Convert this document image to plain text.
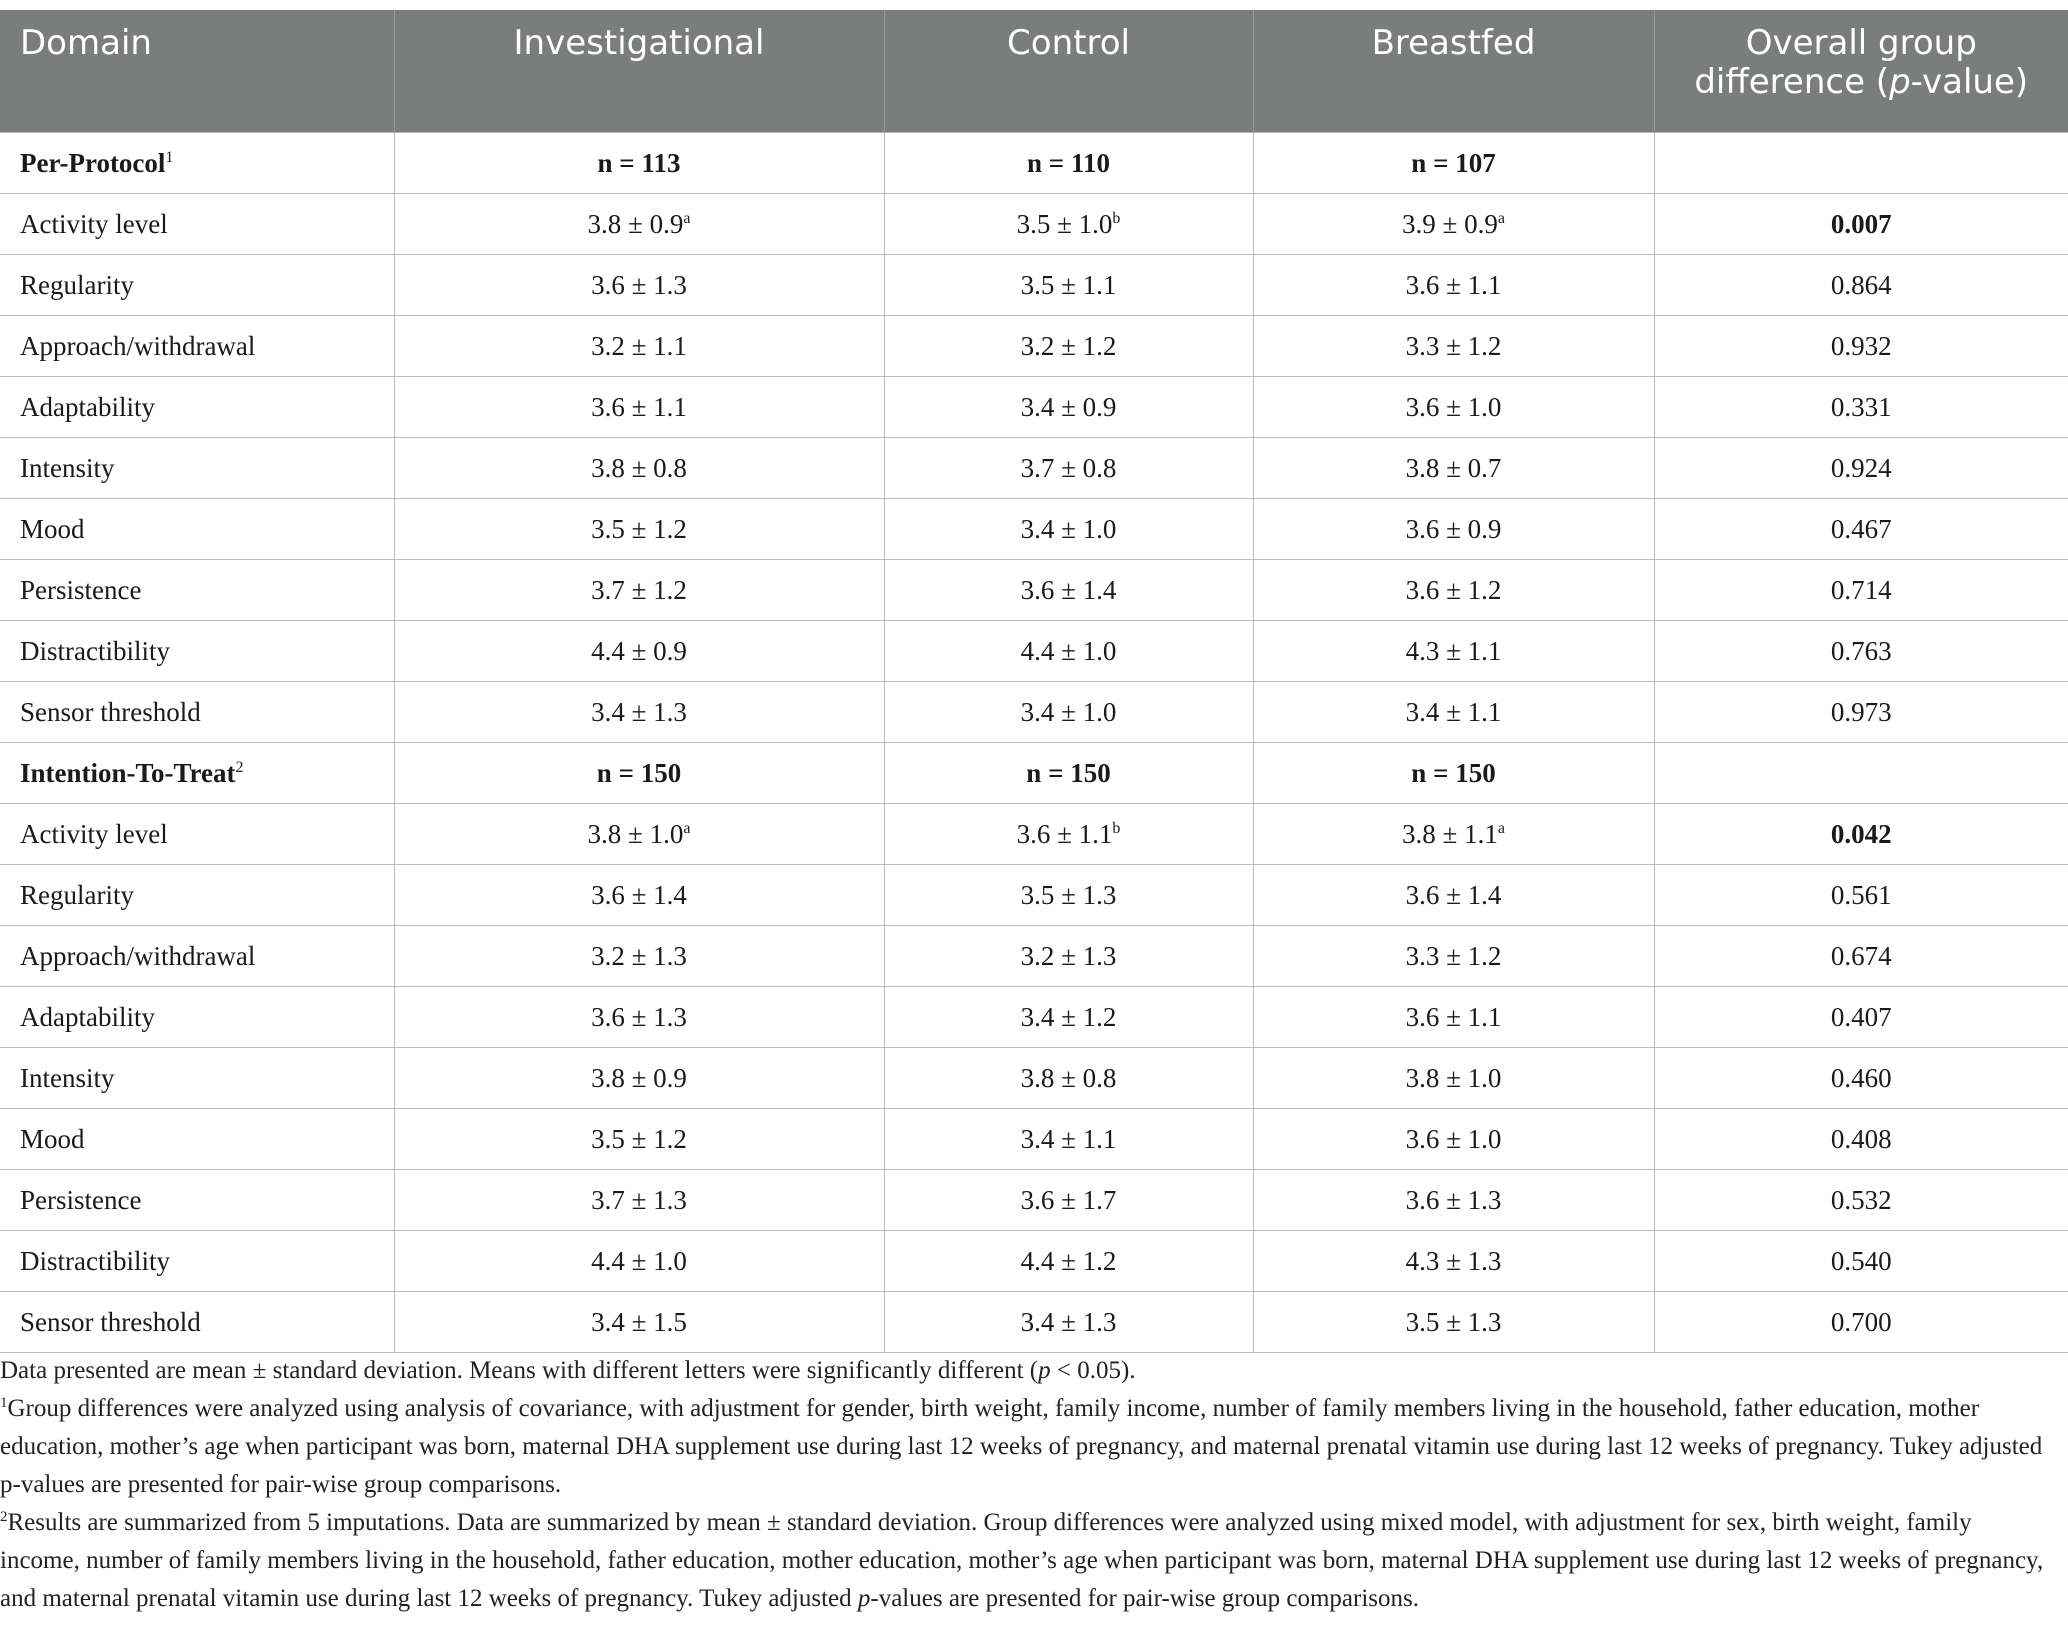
Domain	Investigational	Control	Breastfed	Overall group
difference (p-value)
Per-Protocol$^1$	n = 113	n = 110	n = 107	
Activity level	3.8 ± 0.9$^a$	3.5 ± 1.0$^b$	3.9 ± 0.9$^a$	0.007
Regularity	3.6 ± 1.3	3.5 ± 1.1	3.6 ± 1.1	0.864
Approach/withdrawal	3.2 ± 1.1	3.2 ± 1.2	3.3 ± 1.2	0.932
Adaptability	3.6 ± 1.1	3.4 ± 0.9	3.6 ± 1.0	0.331
Intensity	3.8 ± 0.8	3.7 ± 0.8	3.8 ± 0.7	0.924
Mood	3.5 ± 1.2	3.4 ± 1.0	3.6 ± 0.9	0.467
Persistence	3.7 ± 1.2	3.6 ± 1.4	3.6 ± 1.2	0.714
Distractibility	4.4 ± 0.9	4.4 ± 1.0	4.3 ± 1.1	0.763
Sensor threshold	3.4 ± 1.3	3.4 ± 1.0	3.4 ± 1.1	0.973
Intention-To-Treat$^2$	n = 150	n = 150	n = 150	
Activity level	3.8 ± 1.0$^a$	3.6 ± 1.1$^b$	3.8 ± 1.1$^a$	0.042
Regularity	3.6 ± 1.4	3.5 ± 1.3	3.6 ± 1.4	0.561
Approach/withdrawal	3.2 ± 1.3	3.2 ± 1.3	3.3 ± 1.2	0.674
Adaptability	3.6 ± 1.3	3.4 ± 1.2	3.6 ± 1.1	0.407
Intensity	3.8 ± 0.9	3.8 ± 0.8	3.8 ± 1.0	0.460
Mood	3.5 ± 1.2	3.4 ± 1.1	3.6 ± 1.0	0.408
Persistence	3.7 ± 1.3	3.6 ± 1.7	3.6 ± 1.3	0.532
Distractibility	4.4 ± 1.0	4.4 ± 1.2	4.3 ± 1.3	0.540
Sensor threshold	3.4 ± 1.5	3.4 ± 1.3	3.5 ± 1.3	0.700

Data presented are mean ± standard deviation. Means with different letters were significantly different (p < 0.05).

$^1$Group differences were analyzed using analysis of covariance, with adjustment for gender, birth weight, family income, number of family members living in the household, father education, mother education, mother’s age when participant was born, maternal DHA supplement use during last 12 weeks of pregnancy, and maternal prenatal vitamin use during last 12 weeks of pregnancy. Tukey adjusted p-values are presented for pair-wise group comparisons.

$^2$Results are summarized from 5 imputations. Data are summarized by mean ± standard deviation. Group differences were analyzed using mixed model, with adjustment for sex, birth weight, family income, number of family members living in the household, father education, mother education, mother’s age when participant was born, maternal DHA supplement use during last 12 weeks of pregnancy, and maternal prenatal vitamin use during last 12 weeks of pregnancy. Tukey adjusted p-values are presented for pair-wise group comparisons.
